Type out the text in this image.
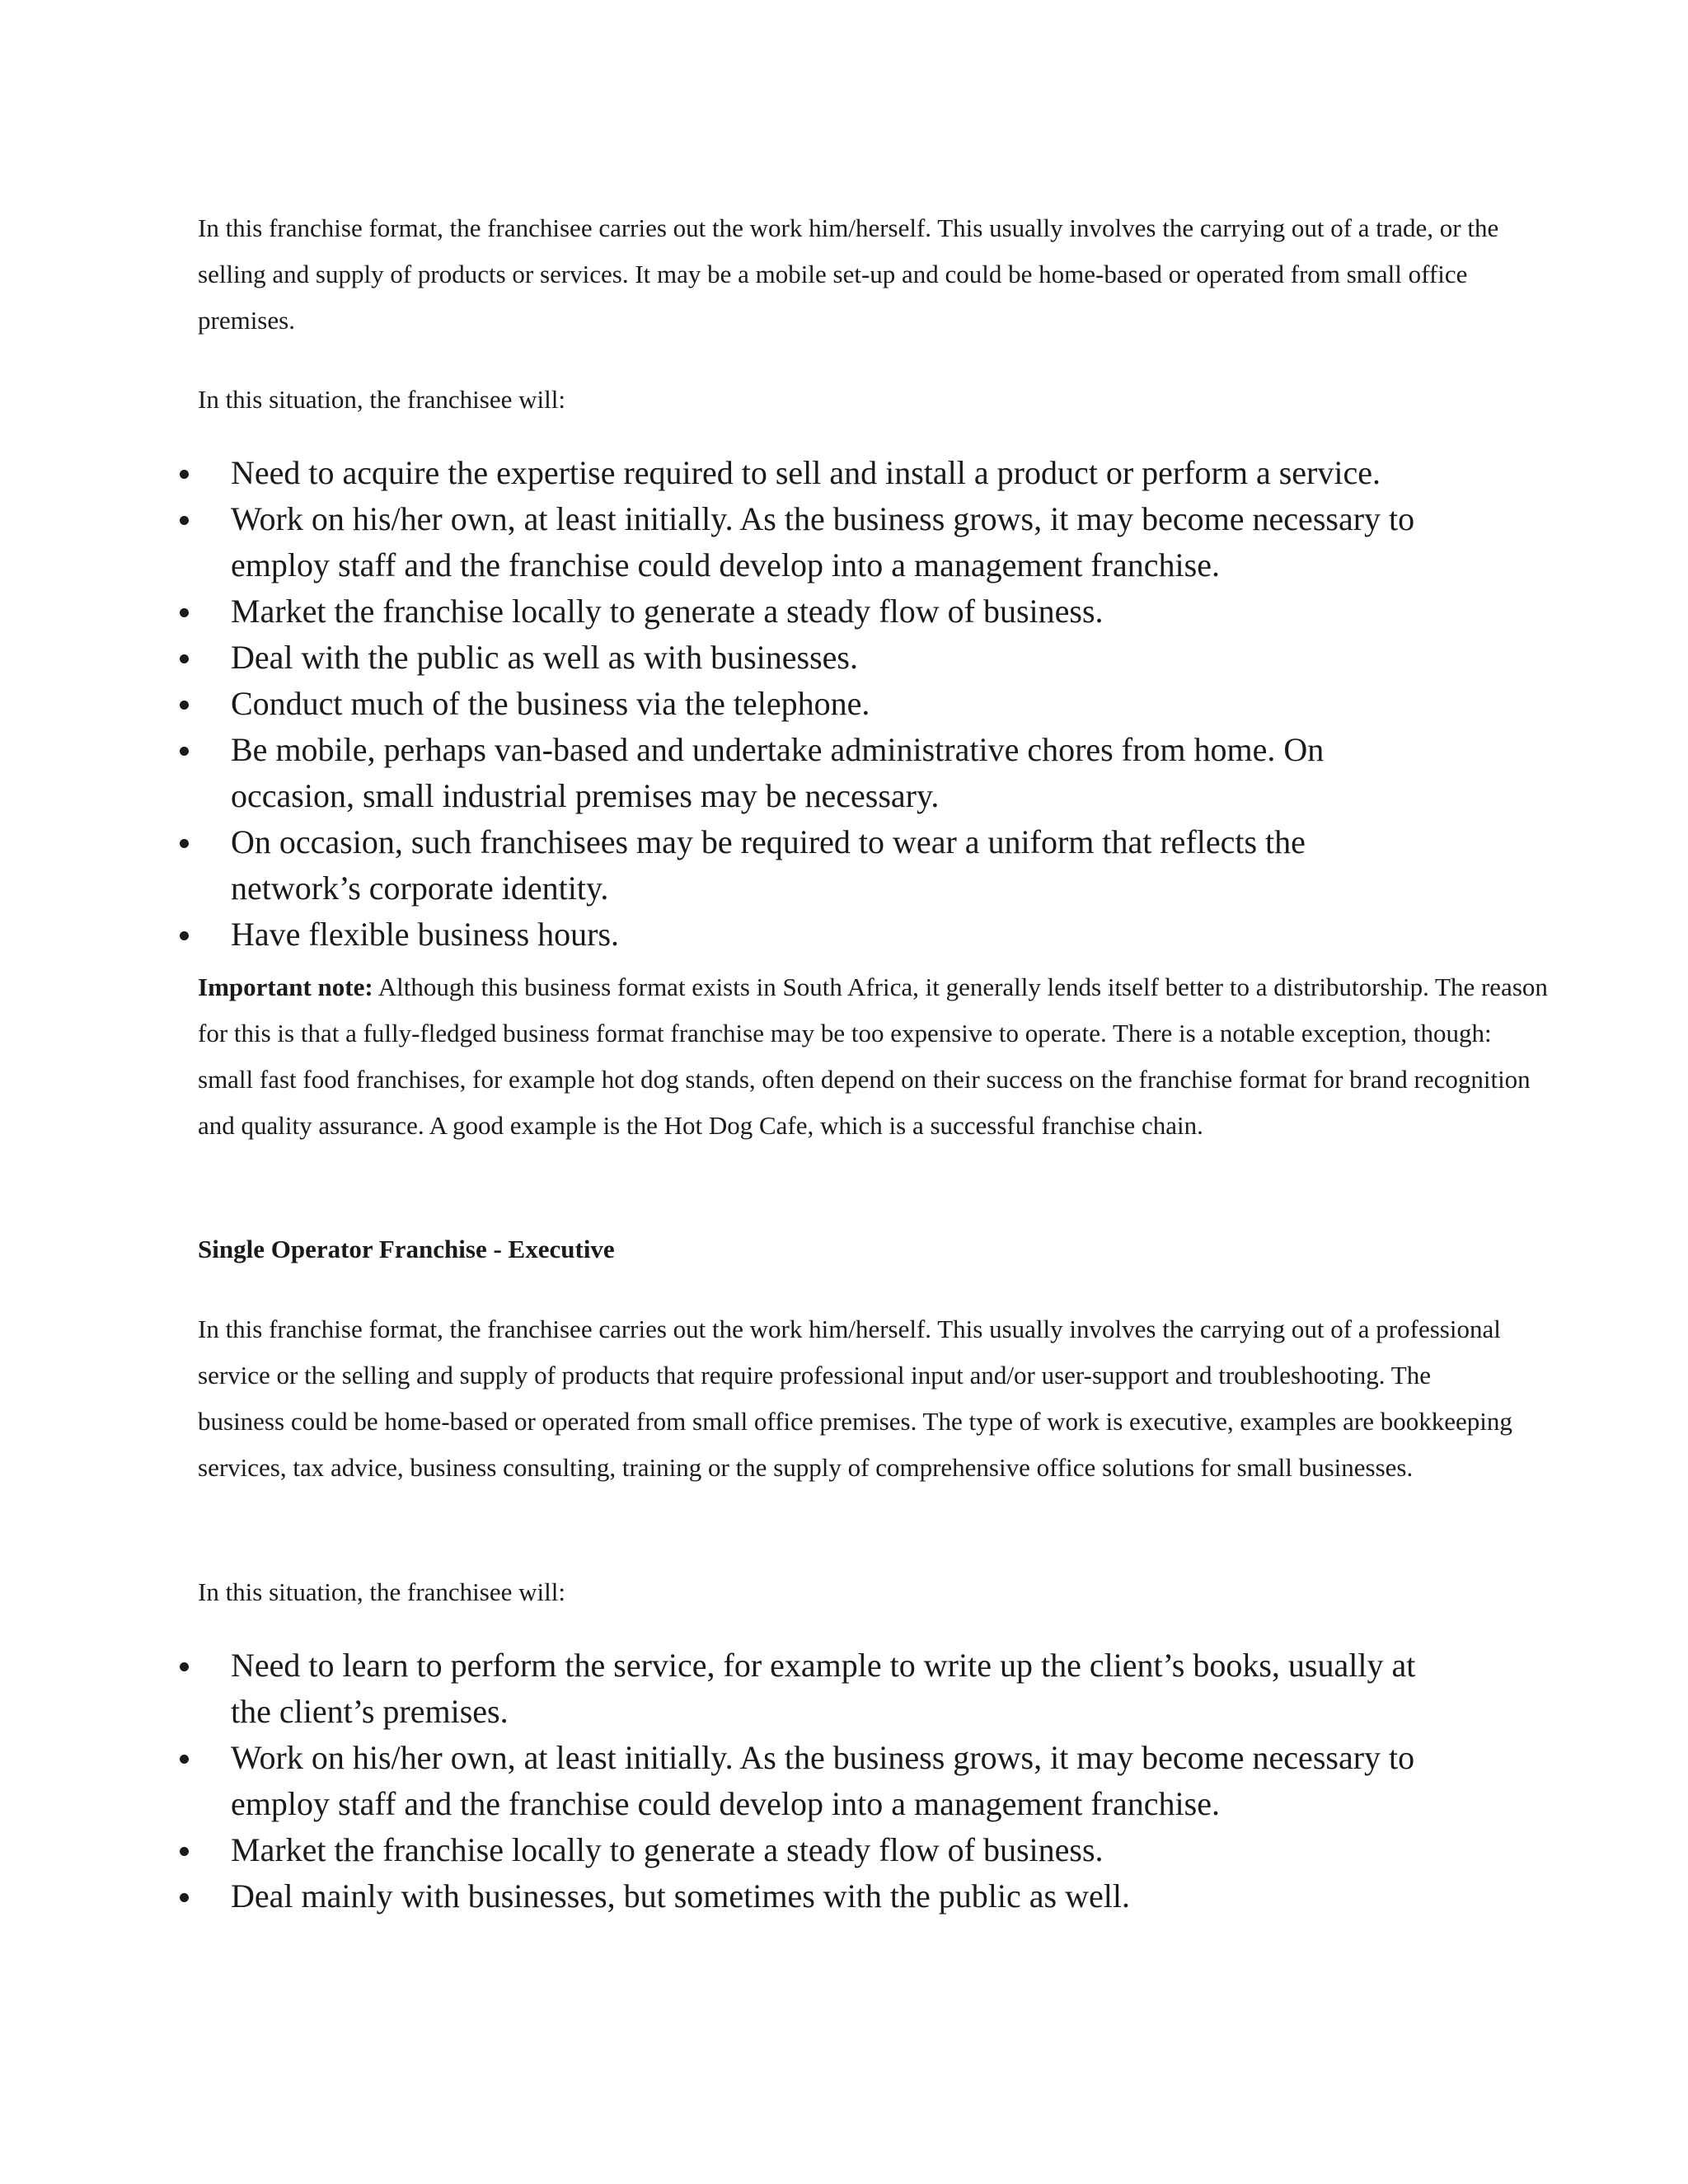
In this franchise format, the franchisee carries out the work him/herself. This usually involves the carrying out of a trade, or the selling and supply of products or services. It may be a mobile set-up and could be home-based or operated from small office premises.

In this situation, the franchisee will:

Need to acquire the expertise required to sell and install a product or perform a service.
Work on his/her own, at least initially. As the business grows, it may become necessary to employ staff and the franchise could develop into a management franchise.
Market the franchise locally to generate a steady flow of business.
Deal with the public as well as with businesses.
Conduct much of the business via the telephone.
Be mobile, perhaps van-based and undertake administrative chores from home. On occasion, small industrial premises may be necessary.
On occasion, such franchisees may be required to wear a uniform that reflects the network’s corporate identity.
Have flexible business hours.

Important note: Although this business format exists in South Africa, it generally lends itself better to a distributorship. The reason for this is that a fully-fledged business format franchise may be too expensive to operate. There is a notable exception, though: small fast food franchises, for example hot dog stands, often depend on their success on the franchise format for brand recognition and quality assurance. A good example is the Hot Dog Cafe, which is a successful franchise chain.

Single Operator Franchise - Executive

In this franchise format, the franchisee carries out the work him/herself. This usually involves the carrying out of a professional service or the selling and supply of products that require professional input and/or user-support and troubleshooting. The business could be home-based or operated from small office premises. The type of work is executive, examples are bookkeeping services, tax advice, business consulting, training or the supply of comprehensive office solutions for small businesses.

In this situation, the franchisee will:

Need to learn to perform the service, for example to write up the client’s books, usually at the client’s premises.
Work on his/her own, at least initially. As the business grows, it may become necessary to employ staff and the franchise could develop into a management franchise.
Market the franchise locally to generate a steady flow of business.
Deal mainly with businesses, but sometimes with the public as well.
